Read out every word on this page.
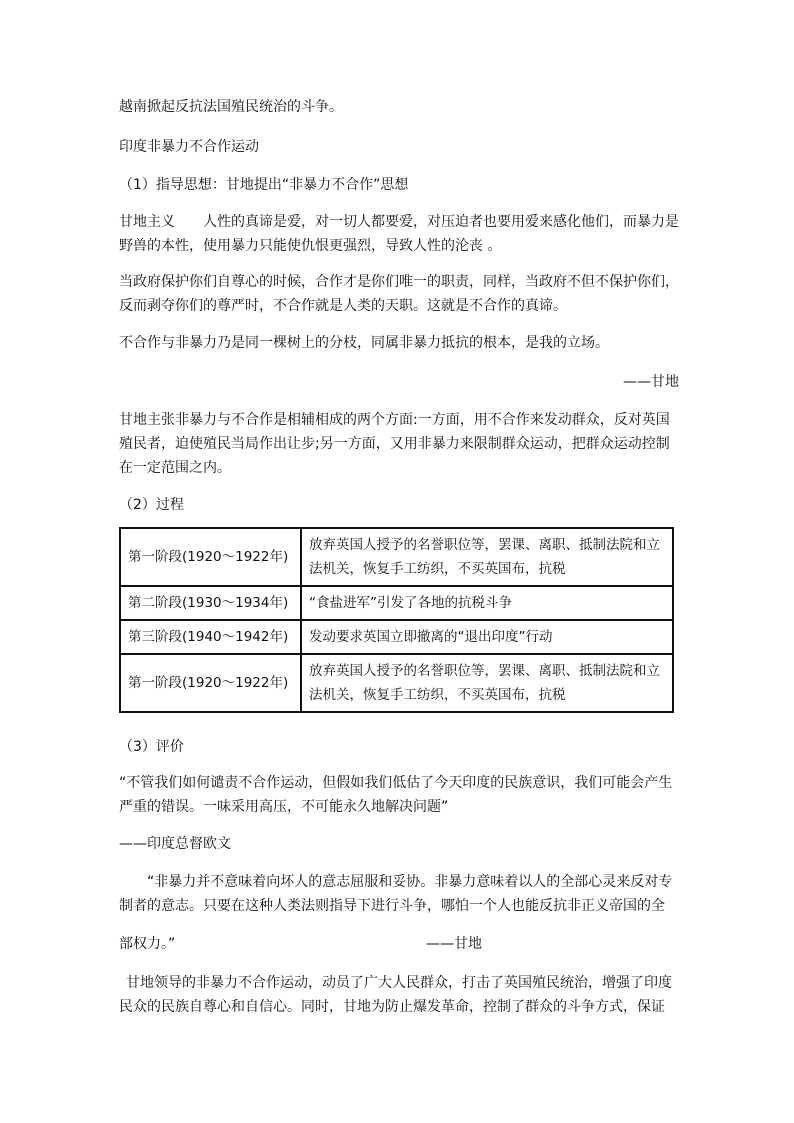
越南掀起反抗法国殖民统治的斗争。

印度非暴力不合作运动

（1）指导思想：甘地提出“非暴力不合作”思想

甘地主义　　人性的真谛是爱，对一切人都要爱，对压迫者也要用爱来感化他们，而暴力是野兽的本性，使用暴力只能使仇恨更强烈，导致人性的沦丧 。

当政府保护你们自尊心的时候，合作才是你们唯一的职责，同样，当政府不但不保护你们，反而剥夺你们的尊严时，不合作就是人类的天职。这就是不合作的真谛。

不合作与非暴力乃是同一棵树上的分枝，同属非暴力抵抗的根本，是我的立场。

——甘地

甘地主张非暴力与不合作是相辅相成的两个方面:一方面，用不合作来发动群众，反对英国殖民者，迫使殖民当局作出让步;另一方面，又用非暴力来限制群众运动，把群众运动控制在一定范围之内。

（2）过程

第一阶段(1920～1922年)	放弃英国人授予的名誉职位等，罢课、离职、抵制法院和立法机关，恢复手工纺织，不买英国布，抗税
第二阶段(1930～1934年)	“食盐进军”引发了各地的抗税斗争
第三阶段(1940～1942年)	发动要求英国立即撤离的“退出印度”行动
第一阶段(1920～1922年)	放弃英国人授予的名誉职位等，罢课、离职、抵制法院和立法机关，恢复手工纺织，不买英国布，抗税

（3）评价

“不管我们如何谴责不合作运动，但假如我们低估了今天印度的民族意识，我们可能会产生严重的错误。一味采用高压，不可能永久地解决问题”

——印度总督欧文

“非暴力并不意味着向坏人的意志屈服和妥协。非暴力意味着以人的全部心灵来反对专制者的意志。只要在这种人类法则指导下进行斗争，哪怕一个人也能反抗非正义帝国的全

部权力。”	——甘地

甘地领导的非暴力不合作运动，动员了广大人民群众，打击了英国殖民统治，增强了印度民众的民族自尊心和自信心。同时，甘地为防止爆发革命，控制了群众的斗争方式，保证
